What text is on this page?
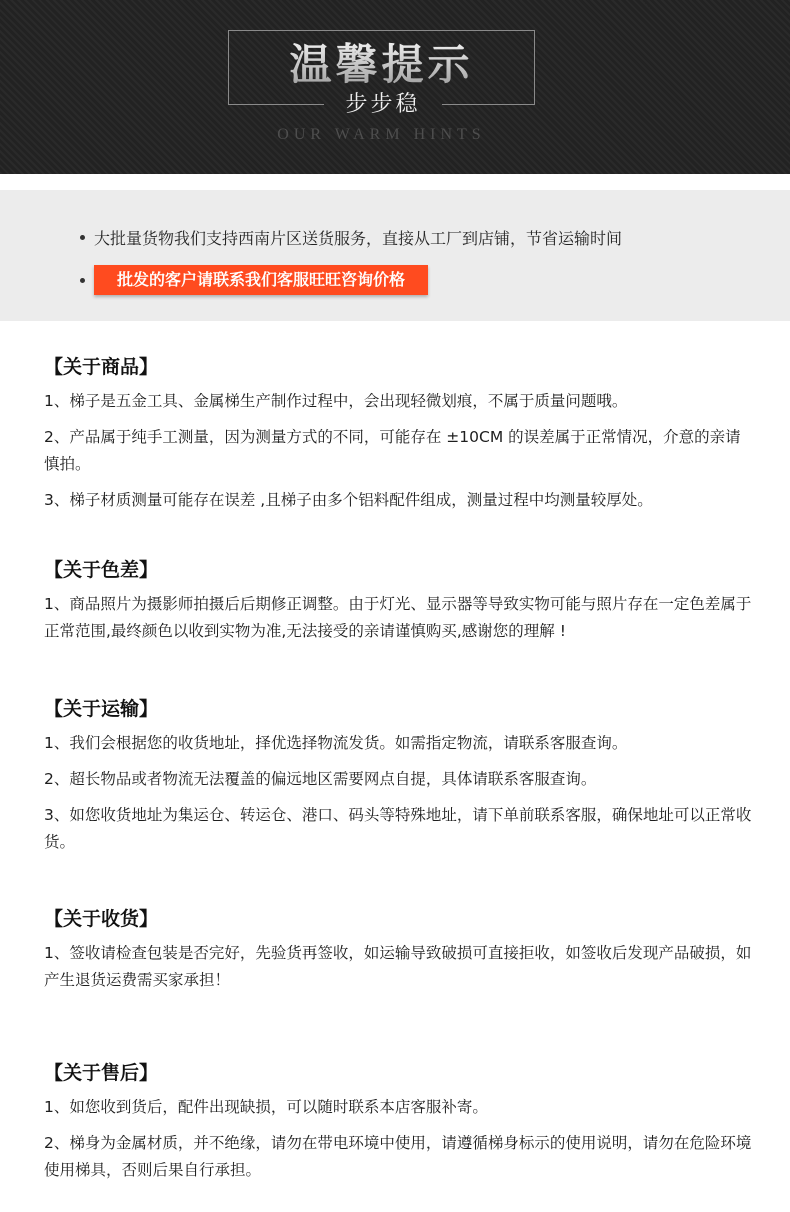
温馨提示
步步稳
OUR WARM HINTS
大批量货物我们支持西南片区送货服务，直接从工厂到店铺，节省运输时间
批发的客户请联系我们客服旺旺咨询价格
【关于商品】

1、梯子是五金工具、金属梯生产制作过程中，会出现轻微划痕，不属于质量问题哦。

2、产品属于纯手工测量，因为测量方式的不同，可能存在 ±10CM 的误差属于正常情况，介意的亲请慎拍。

3、梯子材质测量可能存在误差 ,且梯子由多个铝料配件组成，测量过程中均测量较厚处。

【关于色差】

1、商品照片为摄影师拍摄后后期修正调整。由于灯光、显示器等导致实物可能与照片存在一定色差属于正常范围,最终颜色以收到实物为准,无法接受的亲请谨慎购买,感谢您的理解 !

【关于运输】

1、我们会根据您的收货地址，择优选择物流发货。如需指定物流，请联系客服查询。

2、超长物品或者物流无法覆盖的偏远地区需要网点自提，具体请联系客服查询。

3、如您收货地址为集运仓、转运仓、港口、码头等特殊地址，请下单前联系客服，确保地址可以正常收货。

【关于收货】

1、签收请检查包装是否完好，先验货再签收，如运输导致破损可直接拒收，如签收后发现产品破损，如产生退货运费需买家承担！

【关于售后】

1、如您收到货后，配件出现缺损，可以随时联系本店客服补寄。

2、梯身为金属材质，并不绝缘，请勿在带电环境中使用，请遵循梯身标示的使用说明，请勿在危险环境使用梯具，否则后果自行承担。
